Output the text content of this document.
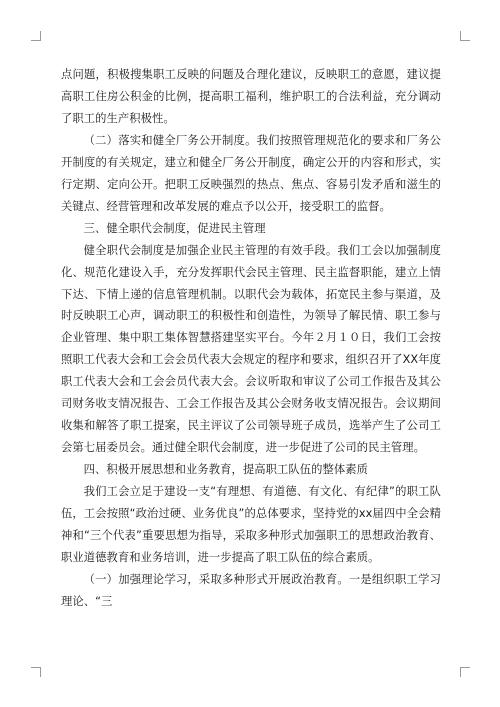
点问题，积极搜集职工反映的问题及合理化建议，反映职工的意愿，建议提高职工住房公积金的比例，提高职工福利，维护职工的合法利益，充分调动了职工的生产积极性。

（二）落实和健全厂务公开制度。我们按照管理规范化的要求和厂务公开制度的有关规定，建立和健全厂务公开制度，确定公开的内容和形式，实行定期、定向公开。把职工反映强烈的热点、焦点、容易引发矛盾和滋生的关键点、经营管理和改革发展的难点予以公开，接受职工的监督。

三、健全职代会制度，促进民主管理

健全职代会制度是加强企业民主管理的有效手段。我们工会以加强制度化、规范化建设入手，充分发挥职代会民主管理、民主监督职能，建立上情下达、下情上递的信息管理机制。以职代会为载体，拓宽民主参与渠道，及时反映职工心声，调动职工的积极性和创造性，为领导了解民情、职工参与企业管理、集中职工集体智慧搭建坚实平台。今年２月１０日，我们工会按照职工代表大会和工会会员代表大会规定的程序和要求，组织召开了XX年度职工代表大会和工会会员代表大会。会议听取和审议了公司工作报告及其公司财务收支情况报告、工会工作报告及其公会财务收支情况报告。会议期间收集和解答了职工提案，民主评议了公司领导班子成员，选举产生了公司工会第七届委员会。通过健全职代会制度，进一步促进了公司的民主管理。

四、积极开展思想和业务教育，提高职工队伍的整体素质

我们工会立足于建设一支“有理想、有道德、有文化、有纪律”的职工队伍，工会按照“政治过硬、业务优良”的总体要求，坚持党的xx届四中全会精神和“三个代表”重要思想为指导，采取多种形式加强职工的思想政治教育、职业道德教育和业务培训，进一步提高了职工队伍的综合素质。

（一）加强理论学习，采取多种形式开展政治教育。一是组织职工学习理论、“三
